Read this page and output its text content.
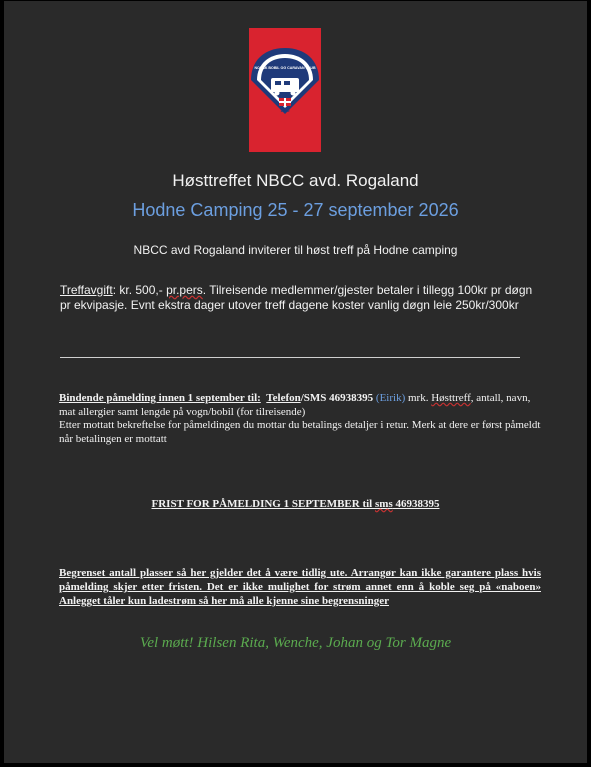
1960
NORSK BOBIL OG CARAVAN CLUB
Høsttreffet NBCC avd. Rogaland
Hodne Camping 25 - 27 september 2026
NBCC avd Rogaland inviterer til høst treff på Hodne camping
Treffavgift: kr. 500,- pr.pers. Tilreisende medlemmer/gjester betaler i tillegg 100kr pr døgn pr ekvipasje. Evnt ekstra dager utover treff dagene koster vanlig døgn leie 250kr/300kr
Bindende påmelding innen 1 september til: Telefon/SMS 46938395 (Eirik) mrk. Høsttreff, antall, navn, mat allergier samt lengde på vogn/bobil (for tilreisende)
Etter mottatt bekreftelse for påmeldingen du mottar du betalings detaljer i retur. Merk at dere er først påmeldt når betalingen er mottatt
FRIST FOR PÅMELDING 1 SEPTEMBER til sms 46938395
Begrenset antall plasser så her gjelder det å være tidlig ute. Arrangør kan ikke garantere plass hvis påmelding skjer etter fristen. Det er ikke mulighet for strøm annet enn å koble seg på «naboen» Anlegget tåler kun ladestrøm så her må alle kjenne sine begrensninger
Vel møtt! Hilsen Rita, Wenche, Johan og Tor Magne
